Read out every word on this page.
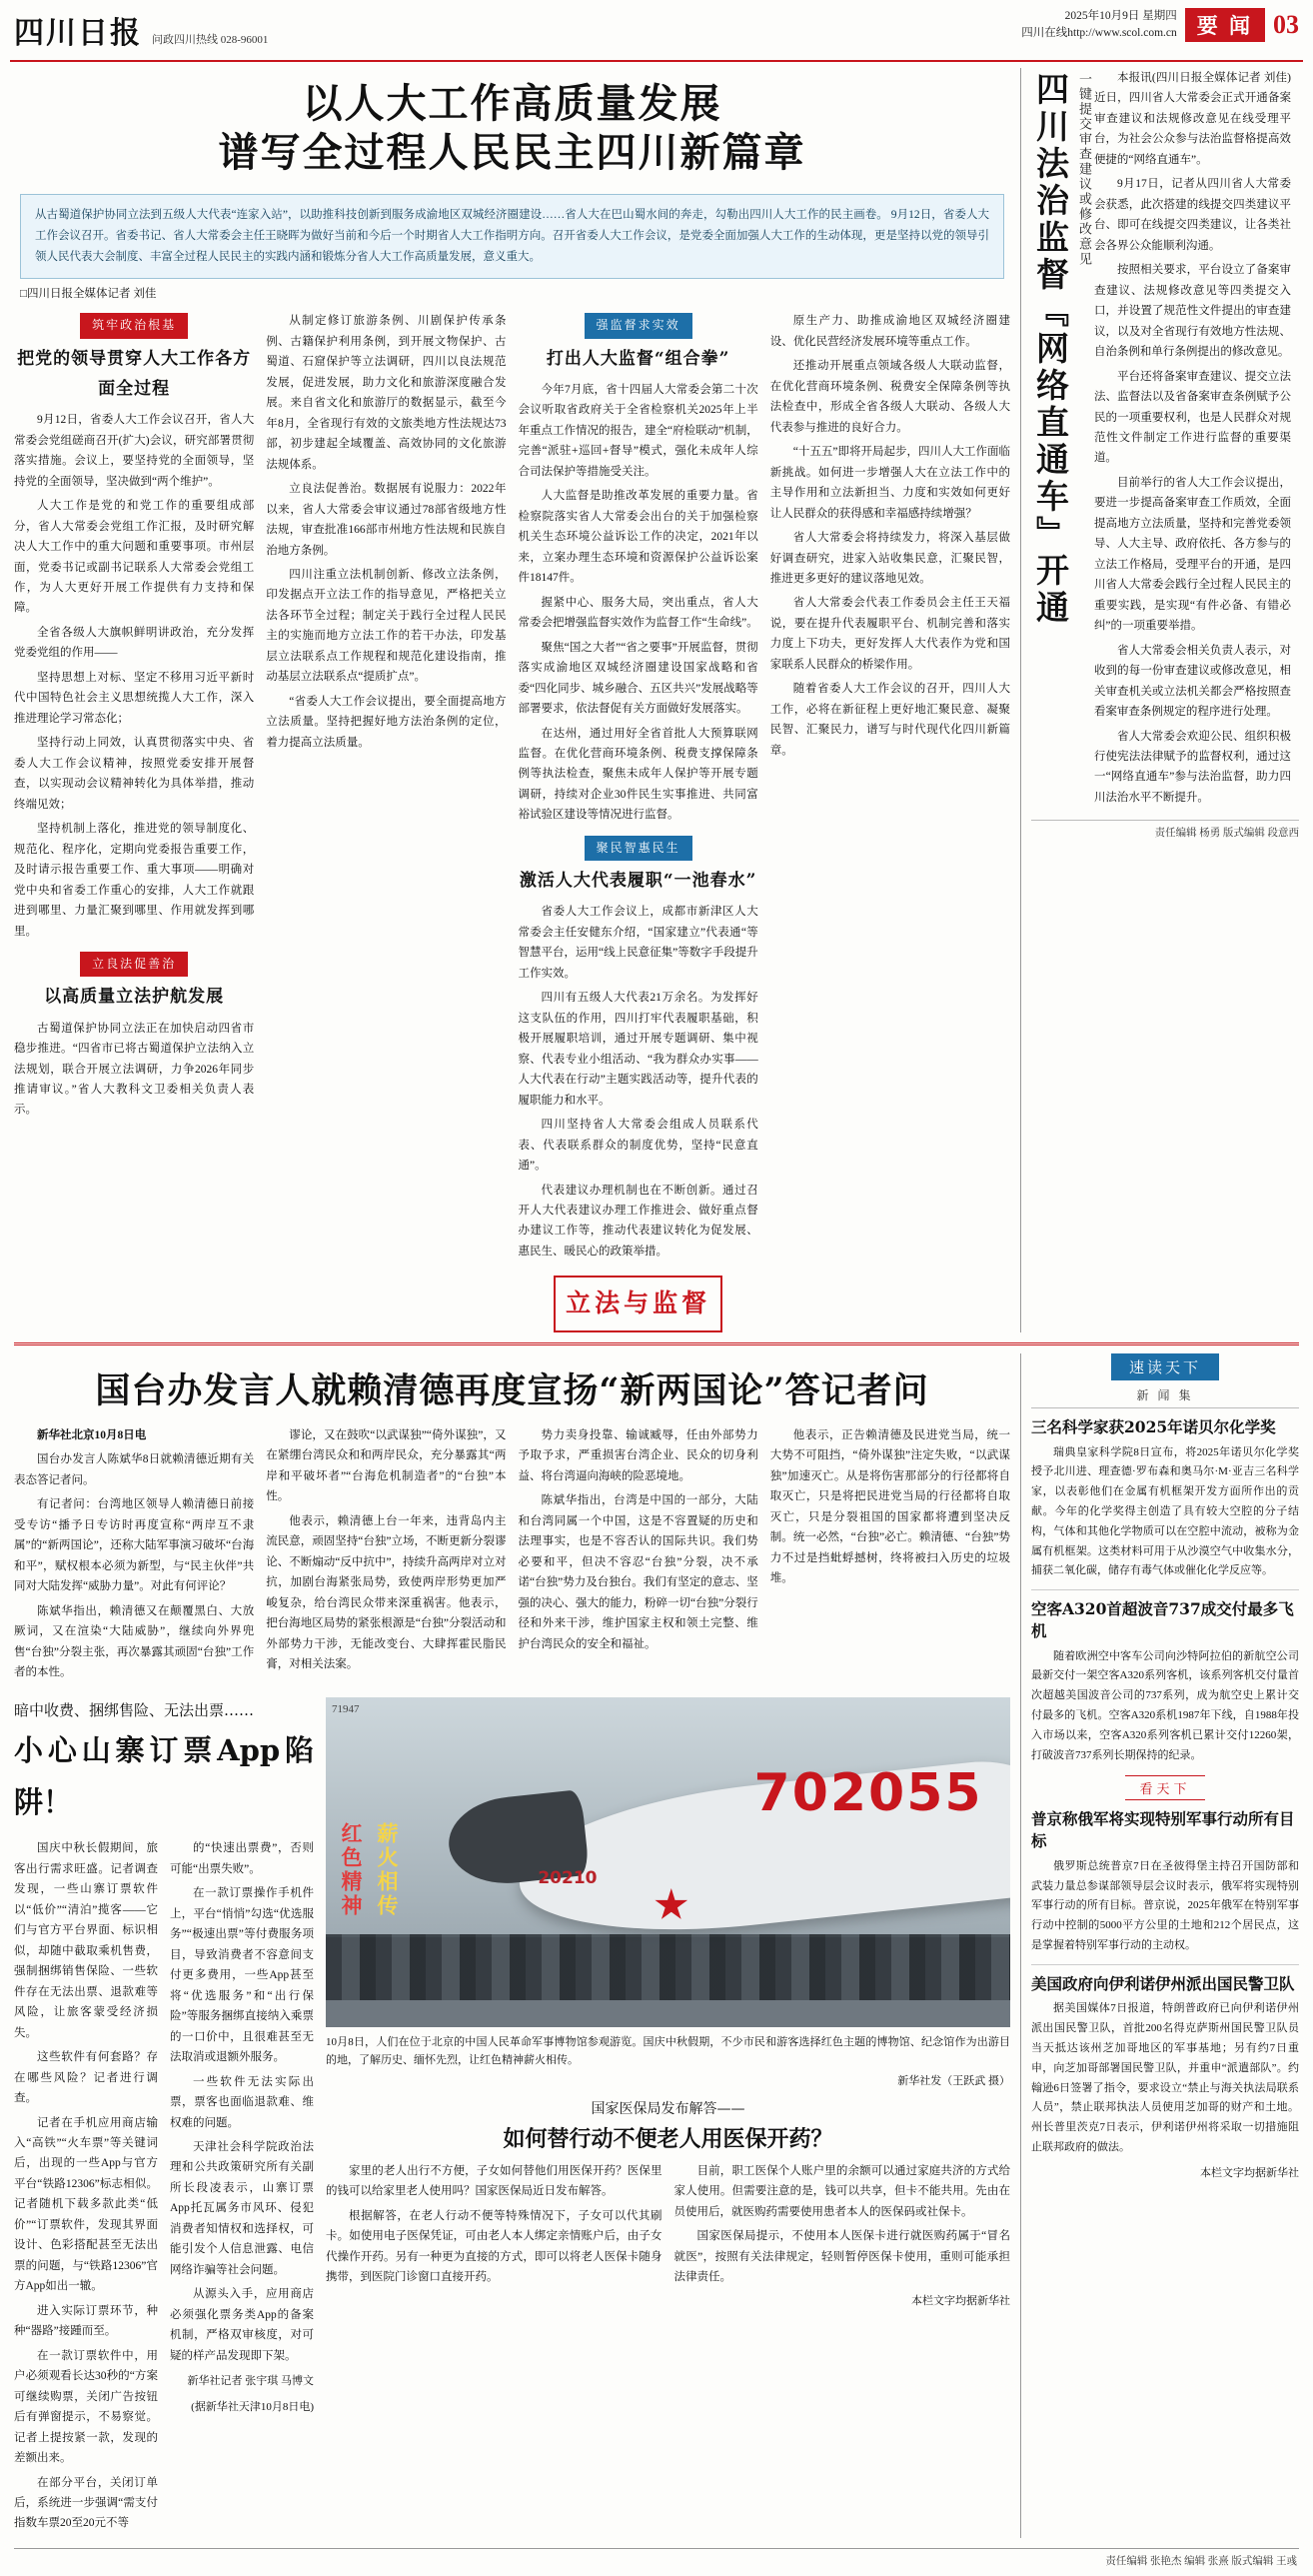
四川日报 问政四川热线 028-96001
2025年10月9日 星期四
四川在线http://www.scol.com.cn 要 闻 03
以人大工作高质量发展
谱写全过程人民民主四川新篇章
从古蜀道保护协同立法到五级人大代表“连家入站”，以助推科技创新到服务成渝地区双城经济圈建设……省人大在巴山蜀水间的奔走，勾勒出四川人大工作的民主画卷。 9月12日，省委人大工作会议召开。省委书记、省人大常委会主任王晓晖为做好当前和今后一个时期省人大工作指明方向。召开省委人大工作会议，是党委全面加强人大工作的生动体现，更是坚持以党的领导引领人民代表大会制度、丰富全过程人民民主的实践内涵和锻炼分省人大工作高质量发展，意义重大。
□四川日报全媒体记者 刘佳
筑牢政治根基
把党的领导贯穿人大工作各方面全过程

9月12日，省委人大工作会议召开，省人大常委会党组磋商召开(扩大)会议，研究部署贯彻落实措施。会议上，要坚持党的全面领导，坚持党的全面领导，坚决做到“两个维护”。

人大工作是党的和党工作的重要组成部分，省人大常委会党组工作汇报，及时研究解决人大工作中的重大问题和重要事项。市州层面，党委书记或副书记联系人大常委会党组工作，为人大更好开展工作提供有力支持和保障。

全省各级人大旗帜鲜明讲政治，充分发挥党委党组的作用——

坚持思想上对标、坚定不移用习近平新时代中国特色社会主义思想统揽人大工作，深入推进理论学习常态化；

坚持行动上同效，认真贯彻落实中央、省委人大工作会议精神，按照党委安排开展督查，以实现动会议精神转化为具体举措，推动终端见效；

坚持机制上落化，推进党的领导制度化、规范化、程序化，定期向党委报告重要工作，及时请示报告重要工作、重大事项——明确对党中央和省委工作重心的安排，人大工作就跟进到哪里、力量汇聚到哪里、作用就发挥到哪里。

立良法促善治
以高质量立法护航发展

古蜀道保护协同立法正在加快启动四省市稳步推进。“四省市已将古蜀道保护立法纳入立法规划，联合开展立法调研，力争2026年同步推请审议。”省人大教科文卫委相关负责人表示。

从制定修订旅游条例、川剧保护传承条例、古籍保护利用条例，到开展文物保护、古蜀道、石窟保护等立法调研，四川以良法规范发展，促进发展，助力文化和旅游深度融合发展。来自省文化和旅游厅的数据显示，截至今年8月，全省现行有效的文旅类地方性法规达73部，初步建起全域覆盖、高效协同的文化旅游法规体系。

立良法促善治。数据展有说服力：2022年以来，省人大常委会审议通过78部省级地方性法规，审查批准166部市州地方性法规和民族自治地方条例。

四川注重立法机制创新、修改立法条例，印发据点开立法工作的指导意见，严格把关立法各环节全过程；制定关于践行全过程人民民主的实施而地方立法工作的若干办法，印发基层立法联系点工作规程和规范化建设指南，推动基层立法联系点“提质扩点”。

“省委人大工作会议提出，要全面提高地方立法质量。坚持把握好地方法治条例的定位，着力提高立法质量。

强监督求实效
打出人大监督“组合拳”

今年7月底，省十四届人大常委会第二十次会议听取省政府关于全省检察机关2025年上半年重点工作情况的报告，建全“府检联动”机制，完善“派驻+巡回+督导”模式，强化未成年人综合司法保护等措施受关注。

人大监督是助推改革发展的重要力量。省检察院落实省人大常委会出台的关于加强检察机关生态环境公益诉讼工作的决定，2021年以来，立案办理生态环境和资源保护公益诉讼案件18147件。

握紧中心、服务大局，突出重点，省人大常委会把增强监督实效作为监督工作“生命线”。

聚焦“国之大者”“省之要事”开展监督，贯彻落实成渝地区双城经济圈建设国家战略和省委“四化同步、城乡融合、五区共兴”发展战略等部署要求，依法督促有关方面做好发展落实。

在达州，通过用好全省首批人大预算联网监督。在优化营商环境条例、税费支撑保障条例等执法检查，聚焦未成年人保护等开展专题调研，持续对企业30件民生实事推进、共同富裕试验区建设等情况进行监督。

聚民智惠民生
激活人大代表履职“一池春水”

省委人大工作会议上，成都市新津区人大常委会主任安健东介绍，“国家建立”代表通“等智慧平台，运用“线上民意征集”等数字手段提升工作实效。

四川有五级人大代表21万余名。为发挥好这支队伍的作用，四川打牢代表履职基础，积极开展履职培训，通过开展专题调研、集中视察、代表专业小组活动、“我为群众办实事——人大代表在行动”主题实践活动等，提升代表的履职能力和水平。

四川坚持省人大常委会组成人员联系代表、代表联系群众的制度优势，坚持“民意直通”。

代表建议办理机制也在不断创新。通过召开人大代表建议办理工作推进会、做好重点督办建议工作等，推动代表建议转化为促发展、惠民生、暖民心的政策举措。

立法与监督

原生产力、助推成渝地区双城经济圈建设、优化民营经济发展环境等重点工作。

还推动开展重点领域各级人大联动监督，在优化营商环境条例、税费安全保障条例等执法检查中，形成全省各级人大联动、各级人大代表参与推进的良好合力。

“十五五”即将开局起步，四川人大工作面临新挑战。如何进一步增强人大在立法工作中的主导作用和立法新担当、力度和实效如何更好让人民群众的获得感和幸福感持续增强？

省人大常委会将持续发力，将深入基层做好调查研究，进家入站收集民意，汇聚民智，推进更多更好的建议落地见效。

省人大常委会代表工作委员会主任王天福说，要在提升代表履职平台、机制完善和落实力度上下功夫，更好发挥人大代表作为党和国家联系人民群众的桥梁作用。

随着省委人大工作会议的召开，四川人大工作，必将在新征程上更好地汇聚民意、凝聚民智、汇聚民力，谱写与时代现代化四川新篇章。

四川法治监督『网络直通车』开通 一键提交审查建议或修改意见	本报讯(四川日报全媒体记者 刘佳)近日，四川省人大常委会正式开通备案审查建议和法规修改意见在线受理平台，为社会公众参与法治监督格提高效便捷的“网络直通车”。

9月17日，记者从四川省人大常委会获悉，此次搭建的线提交四类建议平台、即可在线提交四类建议，让各类社会各界公众能顺利沟通。

按照相关要求，平台设立了备案审查建议、法规修改意见等四类提交入口，并设置了规范性文件提出的审查建议，以及对全省现行有效地方性法规、自治条例和单行条例提出的修改意见。

平台还将备案审查建议、提交立法法、监督法以及省备案审查条例赋予公民的一项重要权利，也是人民群众对规范性文件制定工作进行监督的重要渠道。

目前举行的省人大工作会议提出，要进一步提高备案审查工作质效，全面提高地方立法质量，坚持和完善党委领导、人大主导、政府依托、各方参与的立法工作格局，受理平台的开通，是四川省人大常委会践行全过程人民民主的重要实践，是实现“有件必备、有错必纠”的一项重要举措。

省人大常委会相关负责人表示，对收到的每一份审查建议或修改意见，相关审查机关或立法机关都会严格按照查看案审查条例规定的程序进行处理。

省人大常委会欢迎公民、组织积极行使宪法法律赋予的监督权利，通过这一“网络直通车”参与法治监督，助力四川法治水平不断提升。

责任编辑 杨勇 版式编辑 段意西
国台办发言人就赖清德再度宣扬“新两国论”答记者问

新华社北京10月8日电

国台办发言人陈斌华8日就赖清德近期有关表态答记者问。

有记者问：台湾地区领导人赖清德日前接受专访“播予日专访时再度宣称“两岸互不隶属”的“新两国论”，还称大陆军事演习破坏“台海和平”，赋权根本必须为新型，与“民主伙伴”共同对大陆发挥“威胁力量”。对此有何评论？

陈斌华指出，赖清德又在颠覆黑白、大放厥词，又在渲染“大陆威胁”，继续向外界兜售“台独”分裂主张，再次暴露其顽固“台独”工作者的本性。

谬论，又在鼓吹“以武谋独”“倚外谋独”，又在紧绷台湾民众和和两岸民众，充分暴露其“两岸和平破坏者”“台海危机制造者”的“台独”本性。

他表示，赖清德上台一年来，违背岛内主流民意，顽固坚持“台独”立场，不断更新分裂谬论、不断煽动“反中抗中”，持续升高两岸对立对抗，加剧台海紧张局势，致使两岸形势更加严峻复杂，给台湾民众带来深重祸害。他表示，把台海地区局势的紧张根源是“台独”分裂活动和外部势力干涉，无能改变台、大肆挥霍民脂民膏，对相关法案。

势力卖身投靠、输诚臧辱，任由外部势力予取予求，严重损害台湾企业、民众的切身利益、将台湾逼向海峡的险恶境地。

陈斌华指出，台湾是中国的一部分，大陆和台湾同属一个中国，这是不容置疑的历史和法理事实，也是不容否认的国际共识。我们势必要和平，但决不容忍“台独”分裂，决不承诺“台独”势力及台独台。我们有坚定的意志、坚强的决心、强大的能力，粉碎一切“台独”分裂行径和外来干涉，维护国家主权和领土完整、维护台湾民众的安全和福祉。

他表示，正告赖清德及民进党当局，统一大势不可阻挡，“倚外谋独”注定失败，“以武谋独”加速灭亡。从是将伤害那部分的行径都将自取灭亡，只是将把民进党当局的行径都将自取灭亡，只是分裂祖国的国家都将遭到坚决反制。统一必然，“台独”必亡。赖清德、“台独”势力不过是挡蚍蜉撼树，终将被扫入历史的垃圾堆。

暗中收费、捆绑售险、无法出票……
小心山寨订票App陷阱！

国庆中秋长假期间，旅客出行需求旺盛。记者调查发现，一些山寨订票软件以“低价”“清泊”揽客——它们与官方平台界面、标识相似，却随中截取乘机售费，强制捆绑销售保险、一些软件存在无法出票、退款难等风险，让旅客蒙受经济损失。

这些软件有何套路？存在哪些风险？记者进行调查。

记者在手机应用商店输入“高铁”“火车票”等关键词后，出现的一些App与官方平台“铁路12306”标志相似。记者随机下载多款此类“低价”“订票软件，发现其界面设计、色彩搭配甚至无法出票的问题，与“铁路12306”官方App如出一辙。

进入实际订票环节，种种“器路”接踵而至。

在一款订票软件中，用户必须观看长达30秒的“方案可继续购票，关闭广告按钮后有弹窗提示，不易察觉。记者上提按紧一款，发现的差额出来。

在部分平台，关闭订单后，系统进一步强调“需支付指数车票20至20元不等

的“快速出票费”，否则可能“出票失败”。

在一款订票操作手机件上，平台“悄悄”勾选“优选服务”“极速出票”等付费服务项目，导致消费者不容意间支付更多费用，一些App甚至将“优选服务”和“出行保险”等服务捆绑直接纳入乘票的一口价中，且很难甚至无法取消或退额外服务。

一些软件无法实际出票，票客也面临退款难、维权难的问题。

天津社会科学院政治法理和公共政策研究所有关副所长段凌表示，山寨订票App托瓦属务市风环、侵犯消费者知情权和选择权，可能引发个人信息泄露、电信网络诈骗等社会问题。

从源头入手，应用商店必须强化票务类App的备案机制，严格双审核度，对可疑的样产品发现即下架。

新华社记者 张宇琪 马博文
(据新华社天津10月8日电)
702055
20210
71947
红色精神 薪火相传
10月8日，人们在位于北京的中国人民革命军事博物馆参观游览。国庆中秋假期，不少市民和游客选择红色主题的博物馆、纪念馆作为出游目的地，了解历史、缅怀先烈，让红色精神薪火相传。
新华社发（王跃武 摄）
国家医保局发布解答——
如何替行动不便老人用医保开药？

家里的老人出行不方便，子女如何替他们用医保开药？医保里的钱可以给家里老人使用吗？国家医保局近日发布解答。

根据解答，在老人行动不便等特殊情况下，子女可以代其刷卡。如使用电子医保凭证，可由老人本人绑定亲情账户后，由子女代操作开药。另有一种更为直接的方式，即可以将老人医保卡随身携带，到医院门诊窗口直接开药。

目前，职工医保个人账户里的余额可以通过家庭共济的方式给家人使用。但需要注意的是，钱可以共享，但卡不能共用。先由在员使用后，就医购药需要使用患者本人的医保码或社保卡。

国家医保局提示，不使用本人医保卡进行就医购药属于“冒名就医”，按照有关法律规定，轻则暂停医保卡使用，重则可能承担法律责任。

本栏文字均据新华社
速读天下
新 闻 集
三名科学家获2025年诺贝尔化学奖
瑞典皇家科学院8日宣布，将2025年诺贝尔化学奖授予北川进、理查德·罗布森和奥马尔·M·亚吉三名科学家，以表彰他们在金属有机框架开发方面所作出的贡献。今年的化学奖得主创造了具有较大空腔的分子结构，气体和其他化学物质可以在空腔中流动，被称为金属有机框架。这类材料可用于从沙漠空气中收集水分，捕获二氧化碳，储存有毒气体或催化化学反应等。
空客A320首超波音737成交付最多飞机
随着欧洲空中客车公司向沙特阿拉伯的新航空公司最新交付一架空客A320系列客机，该系列客机交付量首次超越美国波音公司的737系列，成为航空史上累计交付最多的飞机。空客A320系机1987年下线，自1988年投入市场以来，空客A320系列客机已累计交付12260架，打破波音737系列长期保持的纪录。
看天下
普京称俄军将实现特别军事行动所有目标
俄罗斯总统普京7日在圣彼得堡主持召开国防部和武装力量总参谋部领导层会议时表示，俄军将实现特别军事行动的所有目标。普京说，2025年俄军在特别军事行动中控制的5000平方公里的土地和212个居民点，这是掌握着特别军事行动的主动权。
美国政府向伊利诺伊州派出国民警卫队
据美国媒体7日报道，特朗普政府已向伊利诺伊州派出国民警卫队，首批200名得克萨斯州国民警卫队员当天抵达该州芝加哥地区的军事基地；另有约7日重申，向芝加哥部署国民警卫队，并重申“派遣部队”。约翰逊6日签署了指令，要求设立“禁止与海关执法局联系人员”，禁止联邦执法人员使用芝加哥的财产和土地。州长普里茨克7日表示，伊利诺伊州将采取一切措施阻止联邦政府的做法。
本栏文字均据新华社
责任编辑 张艳杰 编辑 张熹 版式编辑 王彧
